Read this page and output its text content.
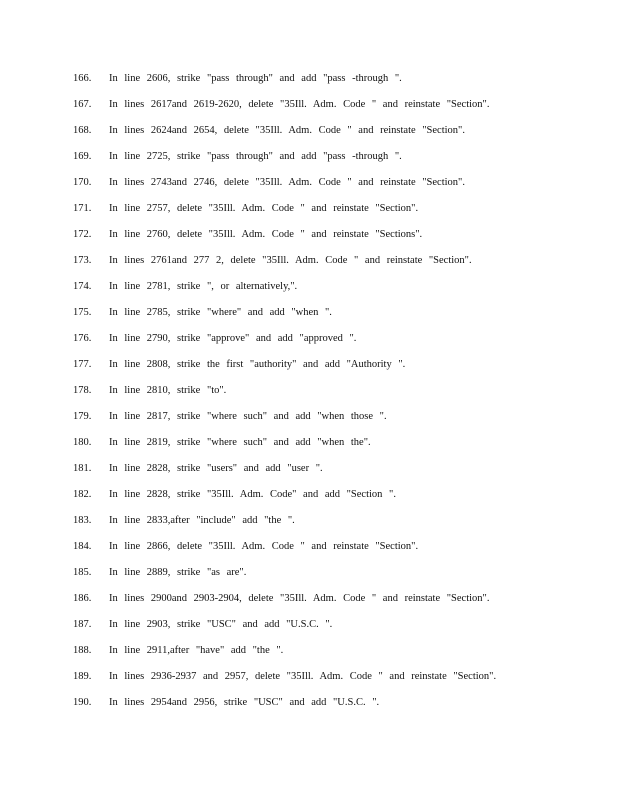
166.	In line 2606, strike "pass through" and add "pass -through ".
167.	In lines 2617and 2619-2620, delete "35Ill. Adm. Code " and reinstate "Section".
168.	In lines 2624and 2654, delete "35Ill. Adm. Code " and reinstate "Section".
169.	In line 2725, strike "pass through" and add "pass -through ".
170.	In lines 2743and 2746, delete "35Ill. Adm. Code " and reinstate "Section".
171.	In line 2757, delete "35Ill. Adm. Code " and reinstate "Section".
172.	In line 2760, delete "35Ill. Adm. Code " and reinstate "Sections".
173.	In lines 2761and 277 2, delete "35Ill. Adm. Code " and reinstate "Section".
174.	In line 2781, strike ", or alternatively,".
175.	In line 2785, strike "where" and add "when ".
176.	In line 2790, strike "approve" and add "approved ".
177.	In line 2808, strike the first "authority" and add "Authority ".
178.	In line 2810, strike "to".
179.	In line 2817, strike "where such" and add "when those ".
180.	In line 2819, strike "where such" and add "when the".
181.	In line 2828, strike "users" and add "user ".
182.	In line 2828, strike "35Ill. Adm. Code" and add "Section ".
183.	In line 2833,after "include" add "the ".
184.	In line 2866, delete "35Ill. Adm. Code " and reinstate "Section".
185.	In line 2889, strike "as are".
186.	In lines 2900and 2903-2904, delete "35Ill. Adm. Code " and reinstate "Section".
187.	In line 2903, strike "USC" and add "U.S.C. ".
188.	In line 2911,after "have" add "the ".
189.	In lines 2936-2937 and 2957, delete "35Ill. Adm. Code " and reinstate "Section".
190.	In lines 2954and 2956, strike "USC" and add "U.S.C. ".
